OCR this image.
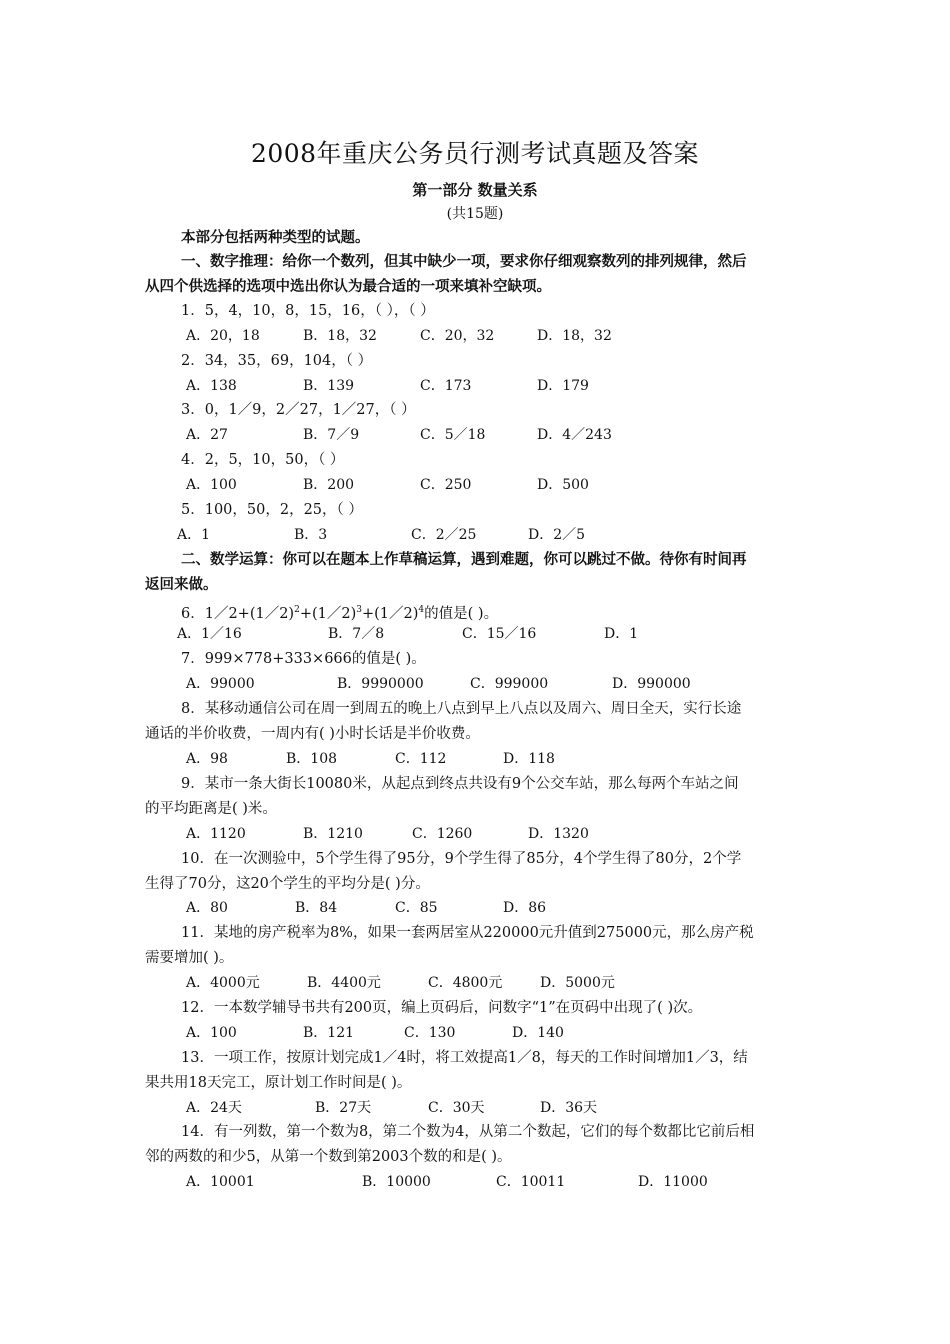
2008年重庆公务员行测考试真题及答案
第一部分 数量关系
(共15题)
本部分包括两种类型的试题。
一、数字推理：给你一个数列，但其中缺少一项，要求你仔细观察数列的排列规律，然后
从四个供选择的选项中选出你认为最合适的一项来填补空缺项。
1．5，4，10，8，15，16，（ ），（ ）
A．20，18	B．18，32	C．20，32	D．18，32
2．34，35，69，104，（ ）
A．138	B．139	C．173	D．179
3．0，1／9，2／27，1／27，（ ）
A．27	B．7／9	C．5／18	D．4／243
4．2，5，10，50，（ ）
A．100	B．200	C．250	D．500
5．100，50，2，25，（ ）
A．1	B．3	C．2／25	D．2／5
二、数学运算：你可以在题本上作草稿运算，遇到难题，你可以跳过不做。待你有时间再
返回来做。
6．1／2+(1／2)$^2$+(1／2)$^3$+(1／2)$^4$的值是( )。
A．1／16	B．7／8	C．15／16	D．1
7．999×778+333×666的值是( )。
A．99000	B．9990000	C．999000	D．990000
8．某移动通信公司在周一到周五的晚上八点到早上八点以及周六、周日全天，实行长途
通话的半价收费，一周内有( )小时长话是半价收费。
A．98	B．108	C．112	D．118
9．某市一条大街长10080米，从起点到终点共设有9个公交车站，那么每两个车站之间
的平均距离是( )米。
A．1120	B．1210	C．1260	D．1320
10．在一次测验中，5个学生得了95分，9个学生得了85分，4个学生得了80分，2个学
生得了70分，这20个学生的平均分是( )分。
A．80	B．84	C．85	D．86
11．某地的房产税率为8%，如果一套两居室从220000元升值到275000元，那么房产税
需要增加( )。
A．4000元	B．4400元	C．4800元	D．5000元
12．一本数学辅导书共有200页，编上页码后，问数字“1”在页码中出现了( )次。
A．100	B．121	C．130	D．140
13．一项工作，按原计划完成1／4时，将工效提高1／8，每天的工作时间增加1／3，结
果共用18天完工，原计划工作时间是( )。
A．24天	B．27天	C．30天	D．36天
14．有一列数，第一个数为8，第二个数为4，从第二个数起，它们的每个数都比它前后相
邻的两数的和少5，从第一个数到第2003个数的和是( )。
A．10001	B．10000	C．10011	D．11000
